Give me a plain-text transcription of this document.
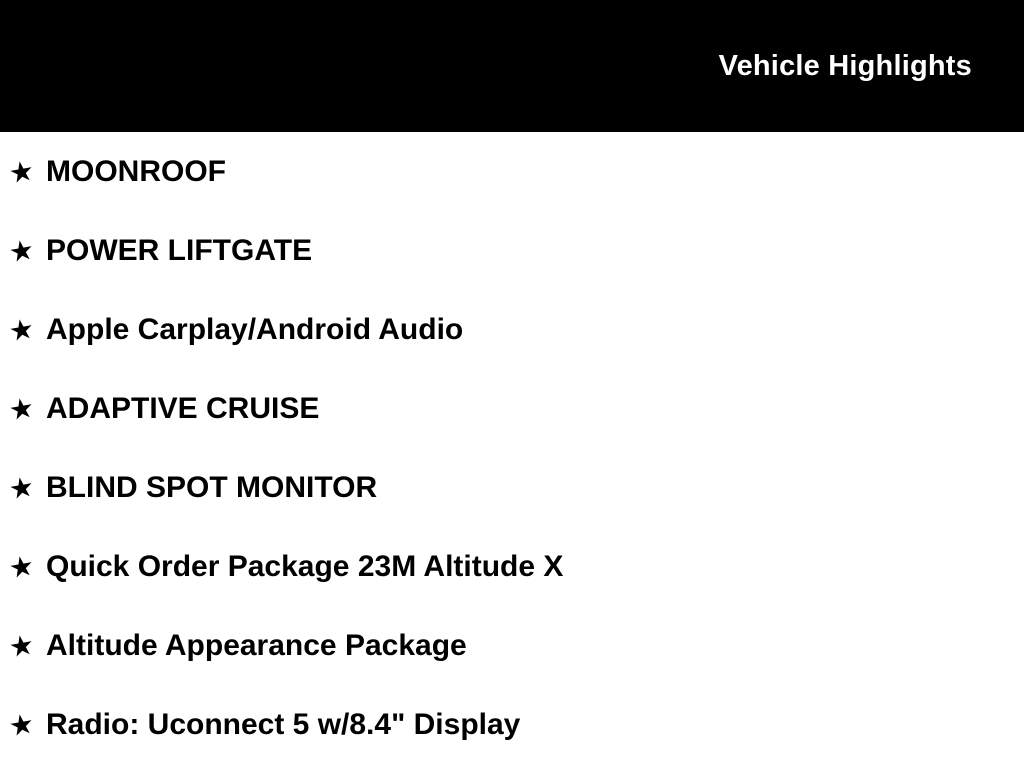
Vehicle Highlights
★ MOONROOF
★ POWER LIFTGATE
★ Apple Carplay/Android Audio
★ ADAPTIVE CRUISE
★ BLIND SPOT MONITOR
★ Quick Order Package 23M Altitude X
★ Altitude Appearance Package
★ Radio: Uconnect 5 w/8.4" Display
